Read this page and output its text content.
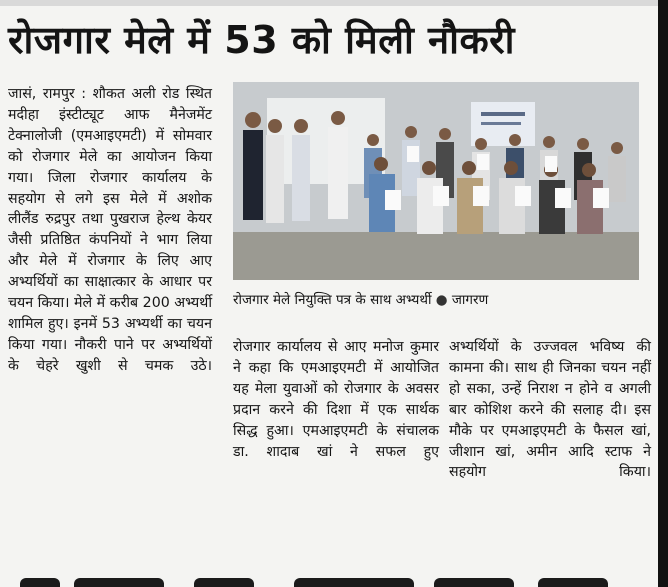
रोजगार मेले में 53 को मिली नौकरी
जासं, रामपुर : शौकत अली रोड स्थित मदीहा इंस्टीट्यूट आफ मैनेजमेंट टेक्नालोजी (एमआइएमटी) में सोमवार को रोजगार मेले का आयोजन किया गया। जिला रोजगार कार्यालय के सहयोग से लगे इस मेले में अशोक लीलैंड रुद्रपुर तथा पुखराज हेल्थ केयर जैसी प्रतिष्ठित कंपनियों ने भाग लिया और मेले में रोजगार के लिए आए अभ्यर्थियों का साक्षात्कार के आधार पर चयन किया। मेले में करीब 200 अभ्यर्थी शामिल हुए। इनमें 53 अभ्यर्थी का चयन किया गया। नौकरी पाने पर अभ्यर्थियों के चेहरे खुशी से चमक उठे।
रोजगार मेले नियुक्ति पत्र के साथ अभ्यर्थी ● जागरण
रोजगार कार्यालय से आए मनोज कुमार ने कहा कि एमआइएमटी में आयोजित यह मेला युवाओं को रोजगार के अवसर प्रदान करने की दिशा में एक सार्थक सिद्ध हुआ। एमआइएमटी के संचालक डा. शादाब खां ने सफल हुए
अभ्यर्थियों के उज्जवल भविष्य की कामना की। साथ ही जिनका चयन नहीं हो सका, उन्हें निराश न होने व अगली बार कोशिश करने की सलाह दी। इस मौके पर एमआइएमटी के फैसल खां, जीशान खां, अमीन आदि स्टाफ ने सहयोग किया।
